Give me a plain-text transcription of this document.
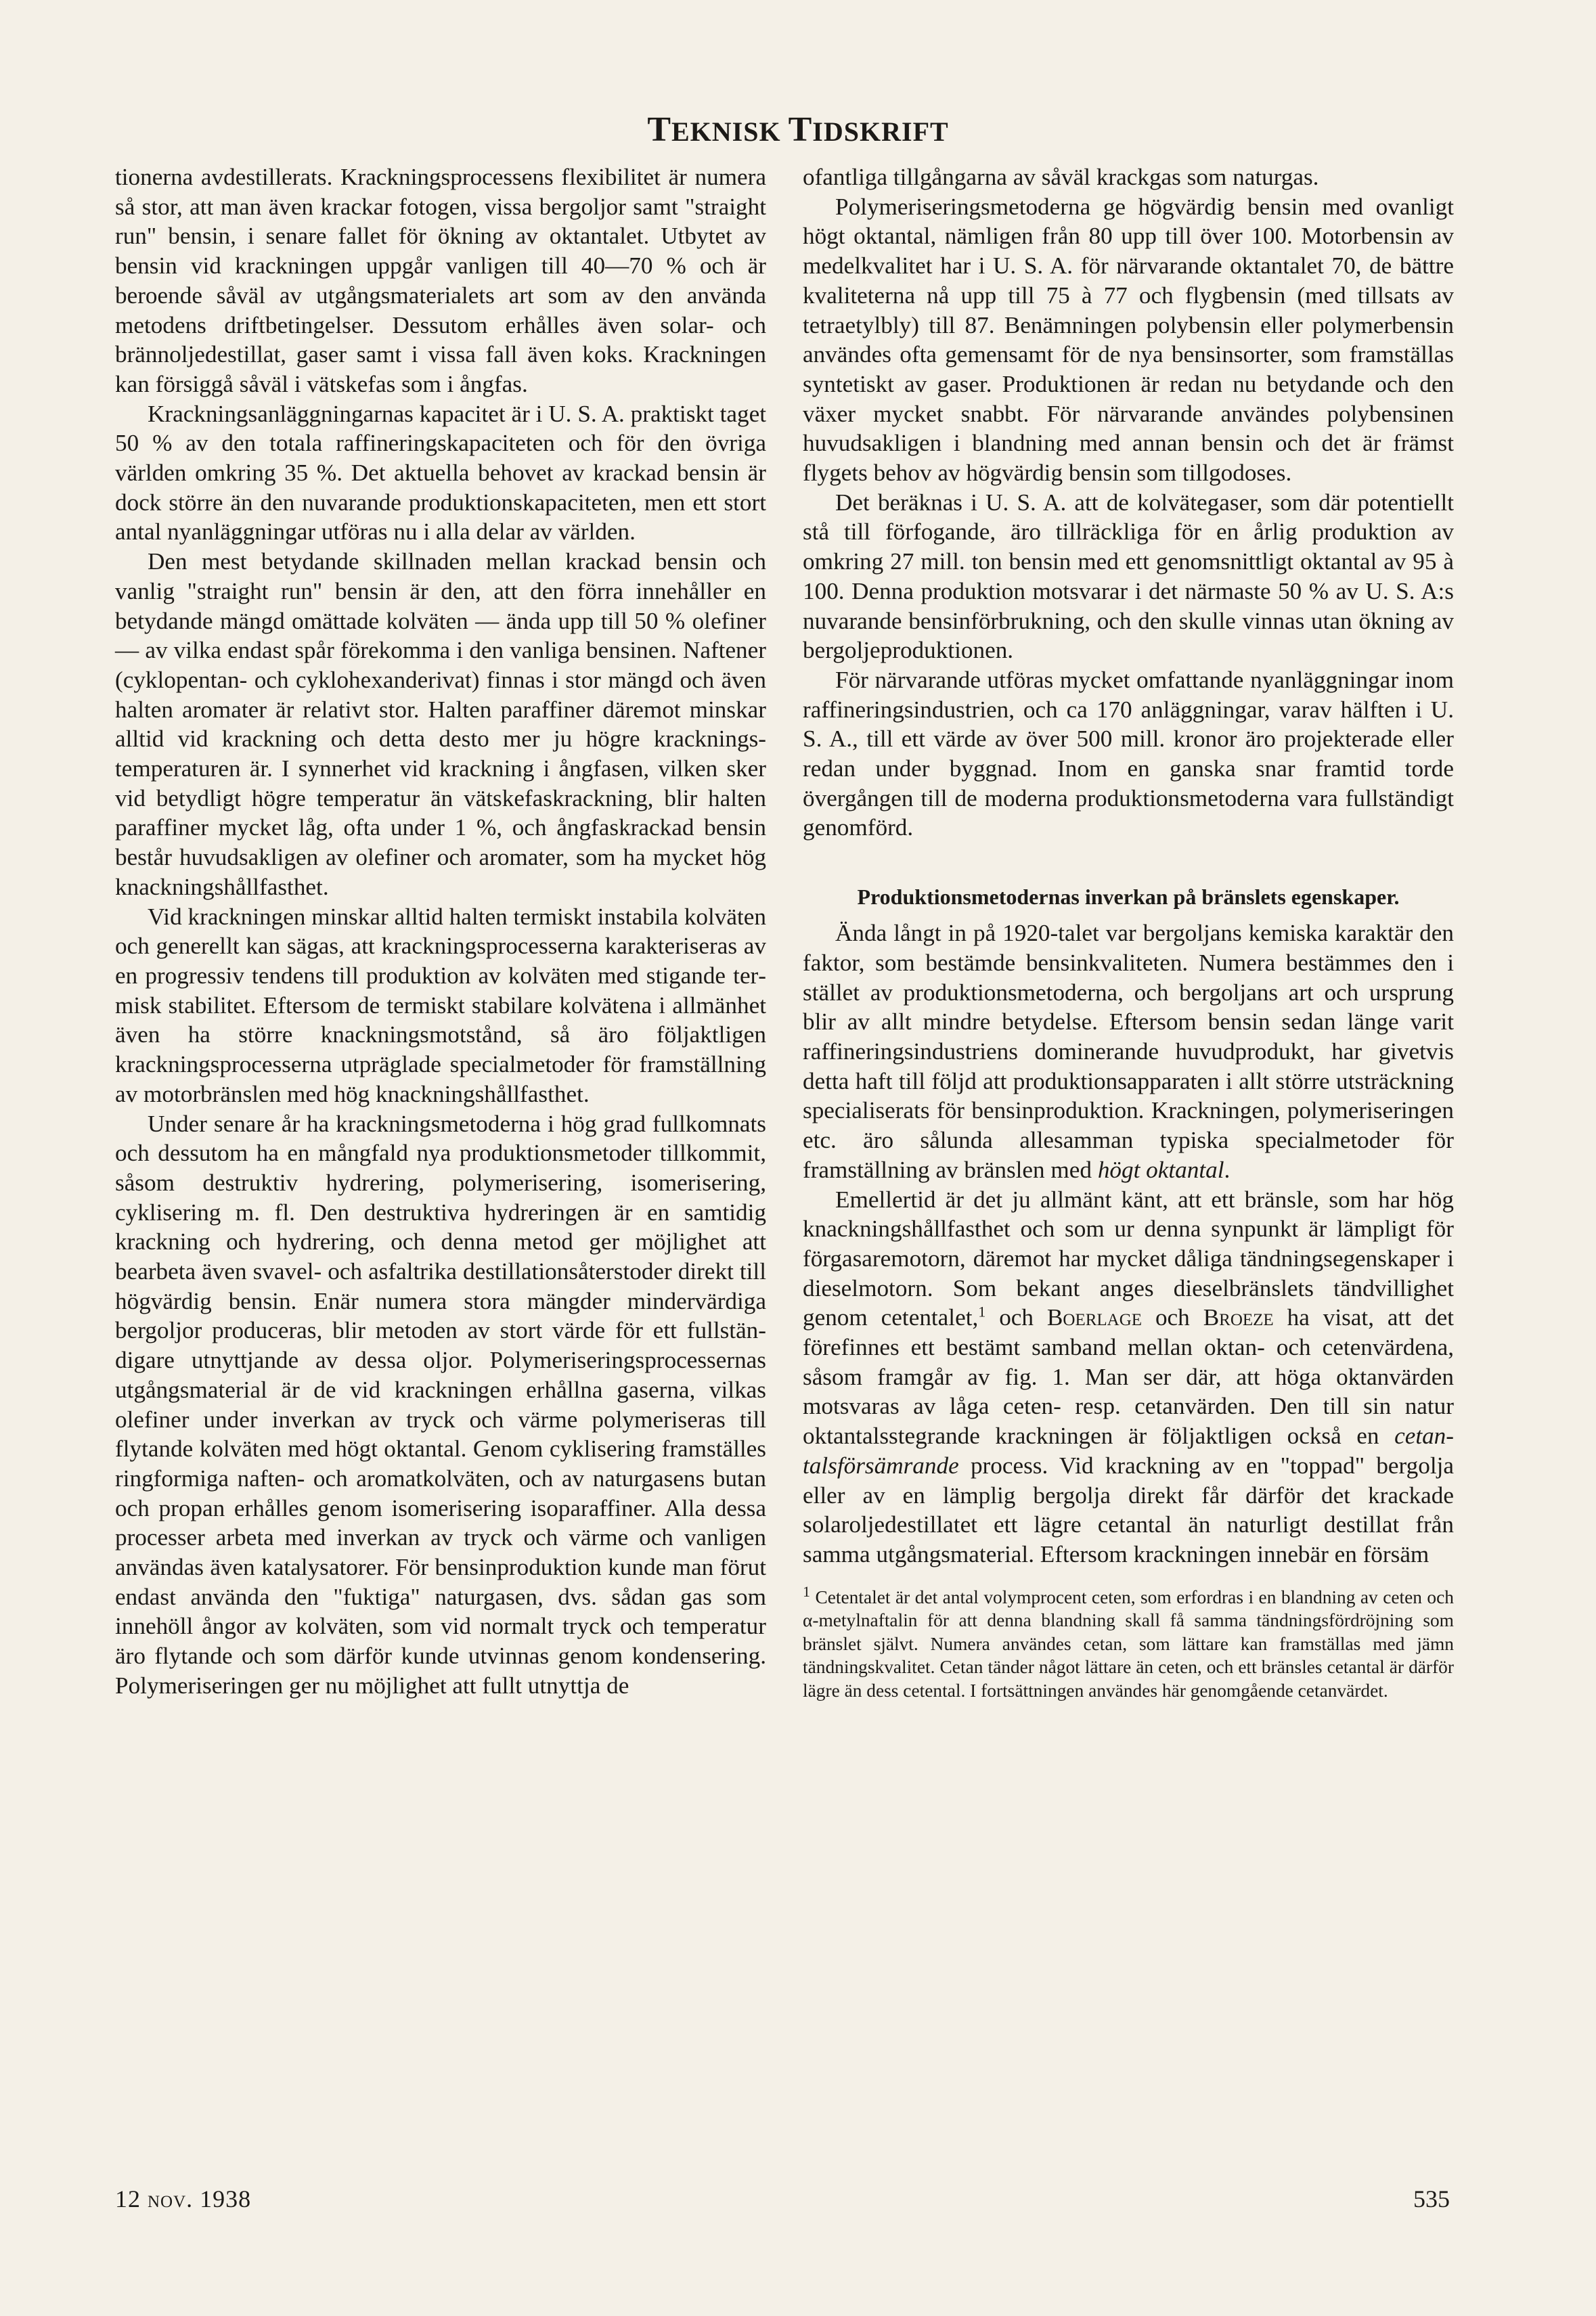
TEKNISK TIDSKRIFT

tionerna avdestillerats. Krackningsprocessens flexibilitet är numera så stor, att man även krackar fotogen, vissa bergoljor samt "straight run" bensin, i senare fallet för ökning av oktantalet. Utbytet av bensin vid krackningen uppgår vanligen till 40—70 % och är beroende såväl av utgångsmaterialets art som av den använda metodens driftbetingelser. Dessutom erhålles även solar- och brännoljedestillat, gaser samt i vissa fall även koks. Krackningen kan försiggå såväl i vätskefas som i ångfas.

Krackningsanläggningarnas kapacitet är i U. S. A. praktiskt taget 50 % av den totala raffineringskapaciteten och för den övriga världen omkring 35 %. Det aktuella behovet av krackad bensin är dock större än den nuvarande produktionskapaciteten, men ett stort antal nyanläggningar utföras nu i alla delar av världen.

Den mest betydande skillnaden mellan krackad bensin och vanlig "straight run" bensin är den, att den förra innehåller en betydande mängd omättade kolväten — ända upp till 50 % olefiner — av vilka endast spår förekomma i den vanliga bensinen. Naftener (cyklopentan- och cyklohexanderivat) finnas i stor mängd och även halten aromater är relativt stor. Halten paraffiner däremot minskar alltid vid krackning och detta desto mer ju högre krackningstemperaturen är. I synnerhet vid krackning i ångfasen, vilken sker vid betydligt högre temperatur än vätskefaskrackning, blir halten paraffiner mycket låg, ofta under 1 %, och ångfaskrackad bensin består huvudsakligen av olefiner och aromater, som ha mycket hög knackningshållfasthet.

Vid krackningen minskar alltid halten termiskt instabila kolväten och generellt kan sägas, att krackningsprocesserna karakteriseras av en progressiv tendens till produktion av kolväten med stigande termisk stabilitet. Eftersom de termiskt stabilare kolvätena i allmänhet även ha större knackningsmotstånd, så äro följaktligen krackningsprocesserna utpräglade specialmetoder för framställning av motorbränslen med hög knackningshållfasthet.

Under senare år ha krackningsmetoderna i hög grad fullkomnats och dessutom ha en mångfald nya produktionsmetoder tillkommit, såsom destruktiv hydrering, polymerisering, isomerisering, cyklisering m. fl. Den destruktiva hydreringen är en samtidig krackning och hydrering, och denna metod ger möjlighet att bearbeta även svavel- och asfaltrika destillationsåterstoder direkt till högvärdig bensin. Enär numera stora mängder mindervärdiga bergoljor produceras, blir metoden av stort värde för ett fullständigare utnyttjande av dessa oljor. Polymeriseringsprocessernas utgångsmaterial är de vid krackningen erhållna gaserna, vilkas olefiner under inverkan av tryck och värme polymeriseras till flytande kolväten med högt oktantal. Genom cyklisering framställes ringformiga naften- och aromatkolväten, och av naturgasens butan och propan erhålles genom isomerisering isoparaffiner. Alla dessa processer arbeta med inverkan av tryck och värme och vanligen användas även katalysatorer. För bensinproduktion kunde man förut endast använda den "fuktiga" naturgasen, dvs. sådan gas som innehöll ångor av kolväten, som vid normalt tryck och temperatur äro flytande och som därför kunde utvinnas genom kondensering. Polymeriseringen ger nu möjlighet att fullt utnyttja de

ofantliga tillgångarna av såväl krackgas som naturgas.

Polymeriseringsmetoderna ge högvärdig bensin med ovanligt högt oktantal, nämligen från 80 upp till över 100. Motorbensin av medelkvalitet har i U. S. A. för närvarande oktantalet 70, de bättre kvaliteterna nå upp till 75 à 77 och flygbensin (med tillsats av tetraetylbly) till 87. Benämningen polybensin eller polymerbensin användes ofta gemensamt för de nya bensinsorter, som framställas syntetiskt av gaser. Produktionen är redan nu betydande och den växer mycket snabbt. För närvarande användes polybensinen huvudsakligen i blandning med annan bensin och det är främst flygets behov av högvärdig bensin som tillgodoses.

Det beräknas i U. S. A. att de kolvätegaser, som där potentiellt stå till förfogande, äro tillräckliga för en årlig produktion av omkring 27 mill. ton bensin med ett genomsnittligt oktantal av 95 à 100. Denna produktion motsvarar i det närmaste 50 % av U. S. A:s nuvarande bensinförbrukning, och den skulle vinnas utan ökning av bergoljeproduktionen.

För närvarande utföras mycket omfattande nyanläggningar inom raffineringsindustrien, och ca 170 anläggningar, varav hälften i U. S. A., till ett värde av över 500 mill. kronor äro projekterade eller redan under byggnad. Inom en ganska snar framtid torde övergången till de moderna produktionsmetoderna vara fullständigt genomförd.

Produktionsmetodernas inverkan på bränslets egenskaper.

Ända långt in på 1920-talet var bergoljans kemiska karaktär den faktor, som bestämde bensinkvaliteten. Numera bestämmes den i stället av produktionsmetoderna, och bergoljans art och ursprung blir av allt mindre betydelse. Eftersom bensin sedan länge varit raffineringsindustriens dominerande huvudprodukt, har givetvis detta haft till följd att produktionsapparaten i allt större utsträckning specialiserats för bensinproduktion. Krackningen, polymeriseringen etc. äro sålunda allesamman typiska specialmetoder för framställning av bränslen med högt oktantal.

Emellertid är det ju allmänt känt, att ett bränsle, som har hög knackningshållfasthet och som ur denna synpunkt är lämpligt för förgasaremotorn, däremot har mycket dåliga tändningsegenskaper i dieselmotorn. Som bekant anges dieselbränslets tändvillighet genom cetentalet,$^1$ och Boerlage och Broeze ha visat, att det förefinnes ett bestämt samband mellan oktan- och cetenvärdena, såsom framgår av fig. 1. Man ser där, att höga oktanvärden motsvaras av låga ceten- resp. cetanvärden. Den till sin natur oktantalsstegrande krackningen är följaktligen också en cetantalsförsämrande process. Vid krackning av en "toppad" bergolja eller av en lämplig bergolja direkt får därför det krackade solaroljedestillatet ett lägre cetantal än naturligt destillat från samma utgångsmaterial. Eftersom krackningen innebär en försäm

$^1$ Cetentalet är det antal volymprocent ceten, som erfordras i en blandning av ceten och α-metylnaftalin för att denna blandning skall få samma tändningsfördröjning som bränslet självt. Numera användes cetan, som lättare kan framställas med jämn tändningskvalitet. Cetan tänder något lättare än ceten, och ett bränsles cetantal är därför lägre än dess cetental. I fortsättningen användes här genomgående cetanvärdet.
12 nov. 1938	535
